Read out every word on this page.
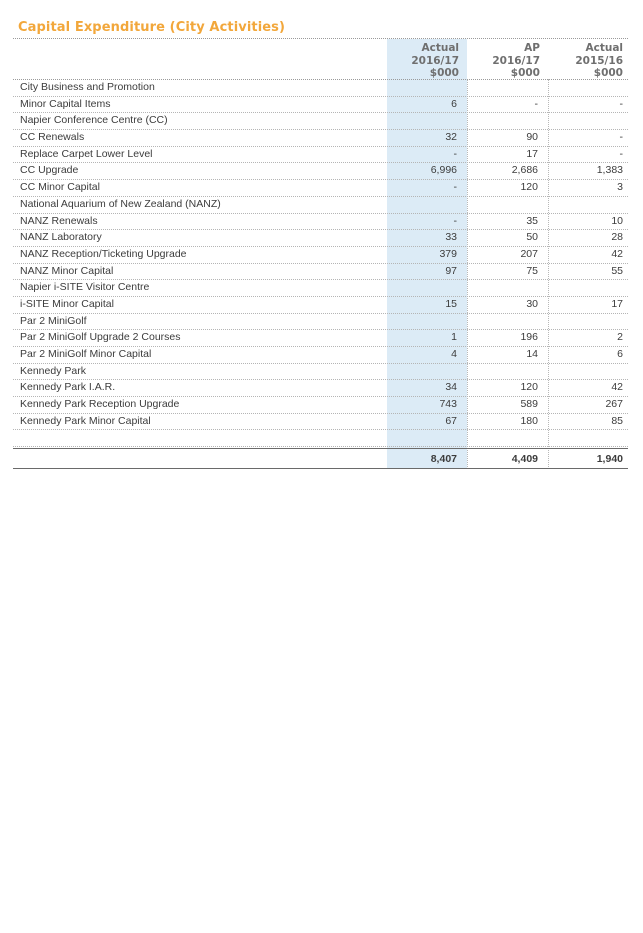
Capital Expenditure (City Activities)
Actual
2016/17
$000
AP
2016/17
$000
Actual
2015/16
$000
City Business and Promotion
Minor Capital Items	6	-	-
Napier Conference Centre (CC)
CC Renewals	32	90	-
Replace Carpet Lower Level	-	17	-
CC Upgrade	6,996	2,686	1,383
CC Minor Capital	-	120	3
National Aquarium of New Zealand (NANZ)
NANZ Renewals	-	35	10
NANZ Laboratory	33	50	28
NANZ Reception/Ticketing Upgrade	379	207	42
NANZ Minor Capital	97	75	55
Napier i-SITE Visitor Centre
i-SITE Minor Capital	15	30	17
Par 2 MiniGolf
Par 2 MiniGolf Upgrade 2 Courses	1	196	2
Par 2 MiniGolf Minor Capital	4	14	6
Kennedy Park
Kennedy Park I.A.R.	34	120	42
Kennedy Park Reception Upgrade	743	589	267
Kennedy Park Minor Capital	67	180	85
8,407	4,409	1,940
